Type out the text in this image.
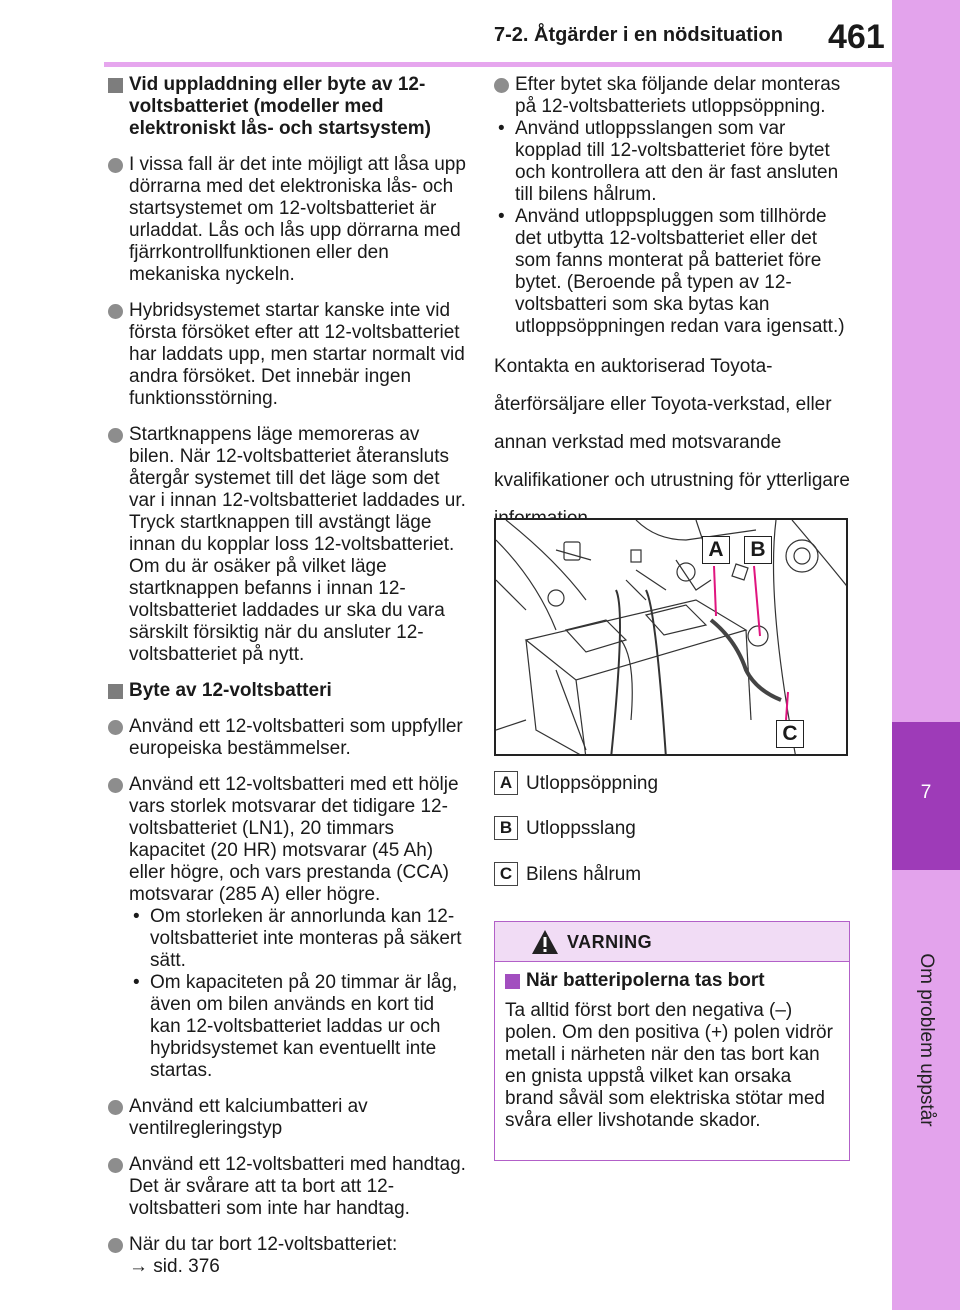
7-2. Åtgärder i en nödsituation 461
7
Om problem uppstår
Vid uppladdning eller byte av 12-voltsbatteriet (modeller med elektroniskt lås- och startsystem)
I vissa fall är det inte möjligt att låsa upp dörrarna med det elektroniska lås- och startsystemet om 12-voltsbatteriet är urladdat. Lås och lås upp dörrarna med fjärrkontrollfunktionen eller den mekaniska nyckeln.
Hybridsystemet startar kanske inte vid första försöket efter att 12-voltsbatteriet har laddats upp, men startar normalt vid andra försöket. Det innebär ingen funktionsstörning.
Startknappens läge memoreras av bilen. När 12-voltsbatteriet återansluts återgår systemet till det läge som det var i innan 12-voltsbatteriet laddades ur. Tryck startknappen till avstängt läge innan du kopplar loss 12-voltsbatteriet. Om du är osäker på vilket läge startknappen befanns i innan 12-voltsbatteriet laddades ur ska du vara särskilt försiktig när du ansluter 12-voltsbatteriet på nytt.
Byte av 12-voltsbatteri
Använd ett 12-voltsbatteri som uppfyller europeiska bestämmelser.
Använd ett 12-voltsbatteri med ett hölje vars storlek motsvarar det tidigare 12-voltsbatteriet (LN1), 20 timmars kapacitet (20 HR) motsvarar (45 Ah) eller högre, och vars prestanda (CCA) motsvarar (285 A) eller högre.
• Om storleken är annorlunda kan 12-voltsbatteriet inte monteras på säkert sätt.
• Om kapaciteten på 20 timmar är låg, även om bilen används en kort tid kan 12-voltsbatteriet laddas ur och hybridsystemet kan eventuellt inte startas.
Använd ett kalciumbatteri av ventilregleringstyp
Använd ett 12-voltsbatteri med handtag. Det är svårare att ta bort att 12-voltsbatteri som inte har handtag.
När du tar bort 12-voltsbatteriet:
→ sid. 376
Efter bytet ska följande delar monteras på 12-voltsbatteriets utloppsöppning.
• Använd utloppsslangen som var kopplad till 12-voltsbatteriet före bytet och kontrollera att den är fast ansluten till bilens hålrum.
• Använd utloppspluggen som tillhörde det utbytta 12-voltsbatteriet eller det som fanns monterat på batteriet före bytet. (Beroende på typen av 12-voltsbatteri som ska bytas kan utloppsöppningen redan vara igensatt.)
Kontakta en auktoriserad Toyota-återförsäljare eller Toyota-verkstad, eller annan verkstad med motsvarande kvalifikationer och utrustning för ytterligare
A	B
C
A Utloppsöppning
B Utloppsslang
C Bilens hålrum
VARNING
När batteripolerna tas bort
Ta alltid först bort den negativa (–) polen. Om den positiva (+) polen vidrör metall i närheten när den tas bort kan en gnista uppstå vilket kan orsaka brand såväl som elektriska stötar med svåra eller livshotande skador.
